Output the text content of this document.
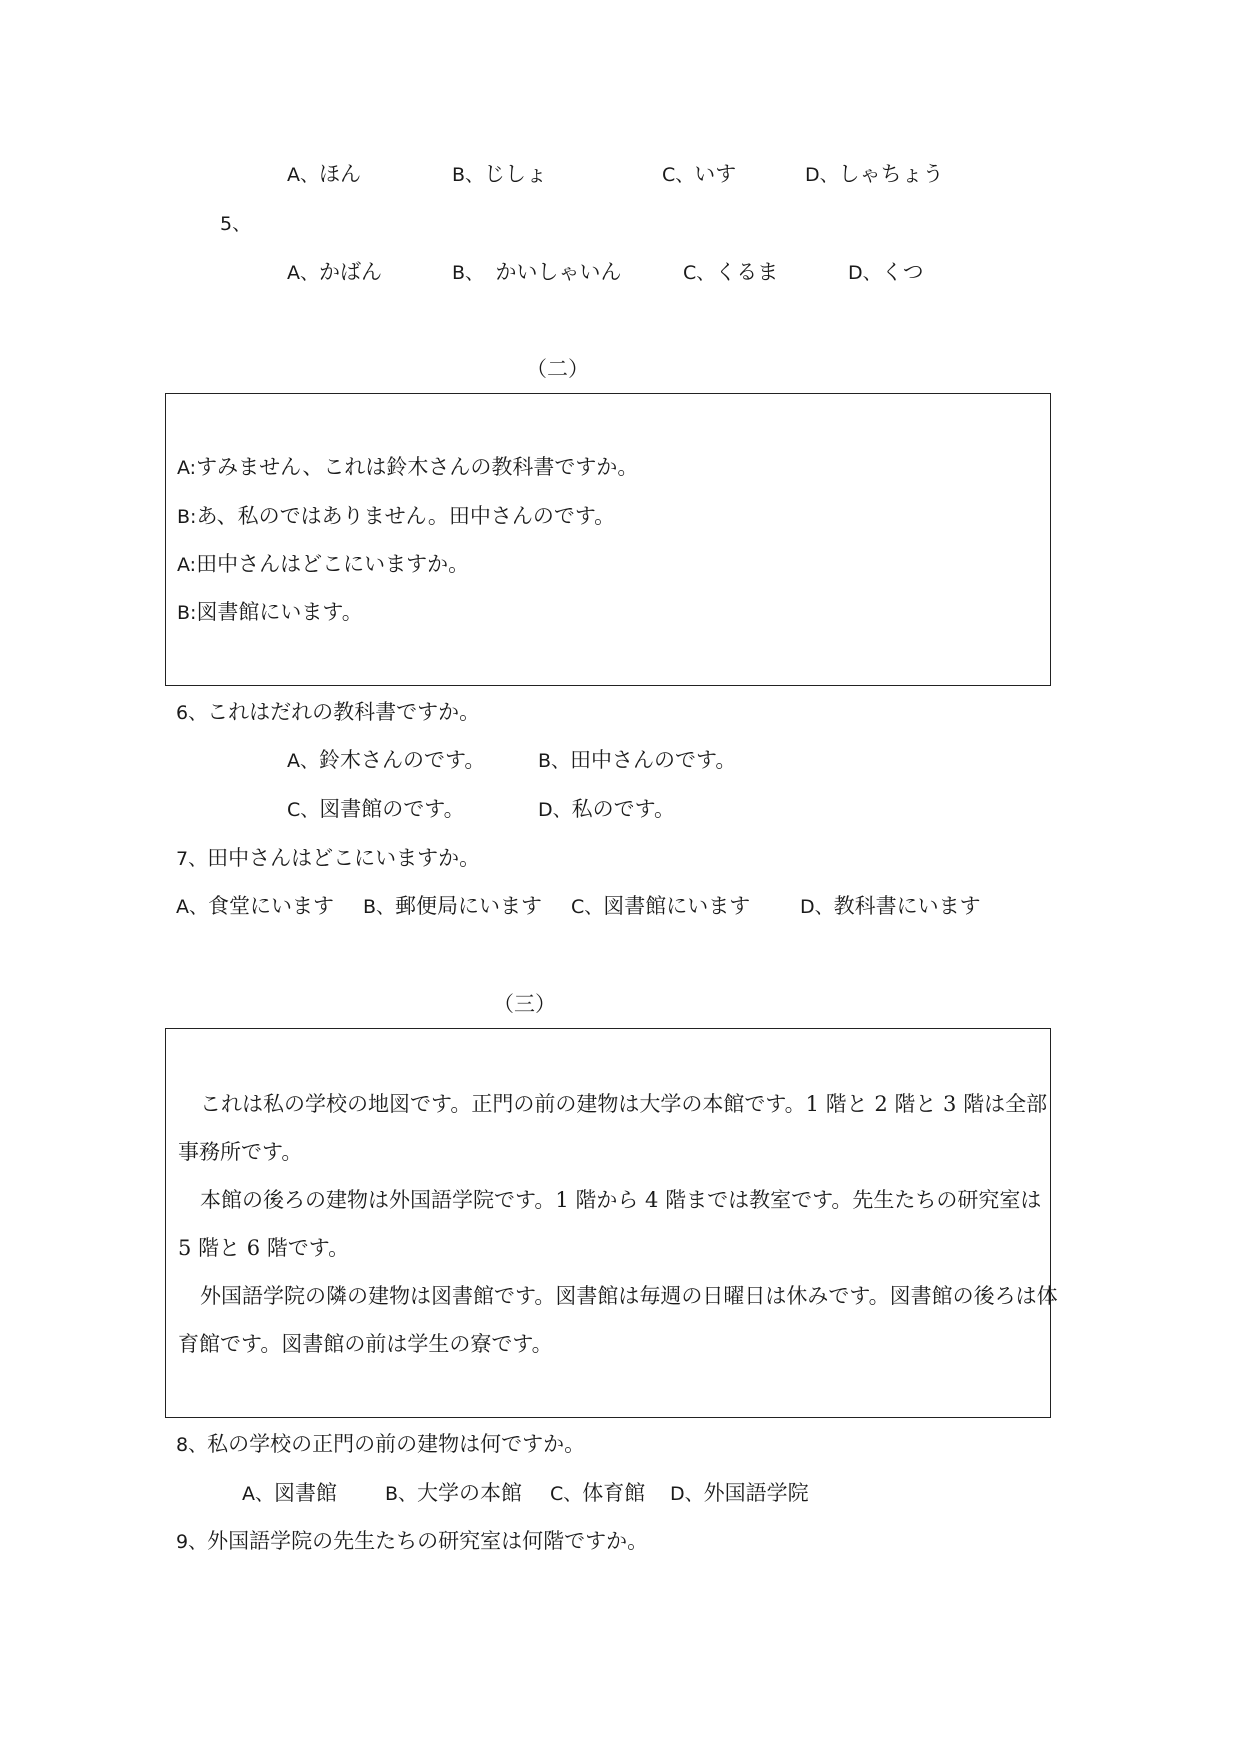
A、ほん	B、じしょ	C、いす	D、しゃちょう
5、
A、かばん	B、　かいしゃいん	C、くるま	D、くつ
（二）
A:すみません、これは鈴木さんの教科書ですか。
B:あ、私のではありません。田中さんのです。
A:田中さんはどこにいますか。
B:図書館にいます。
6、これはだれの教科書ですか。
A、鈴木さんのです。	B、田中さんのです。
C、図書館のです。	D、私のです。
7、田中さんはどこにいますか。
A、食堂にいます B、郵便局にいます C、図書館にいます	D、教科書にいます
（三）
これは私の学校の地図です。正門の前の建物は大学の本館です。1 階と 2 階と 3 階は全部事務所です。
本館の後ろの建物は外国語学院です。1 階から 4 階までは教室です。先生たちの研究室は 5 階と 6 階です。
外国語学院の隣の建物は図書館です。図書館は毎週の日曜日は休みです。図書館の後ろは体育館です。図書館の前は学生の寮です。
8、私の学校の正門の前の建物は何ですか。
A、図書館	B、大学の本館 C、体育館 D、外国語学院
9、外国語学院の先生たちの研究室は何階ですか。
